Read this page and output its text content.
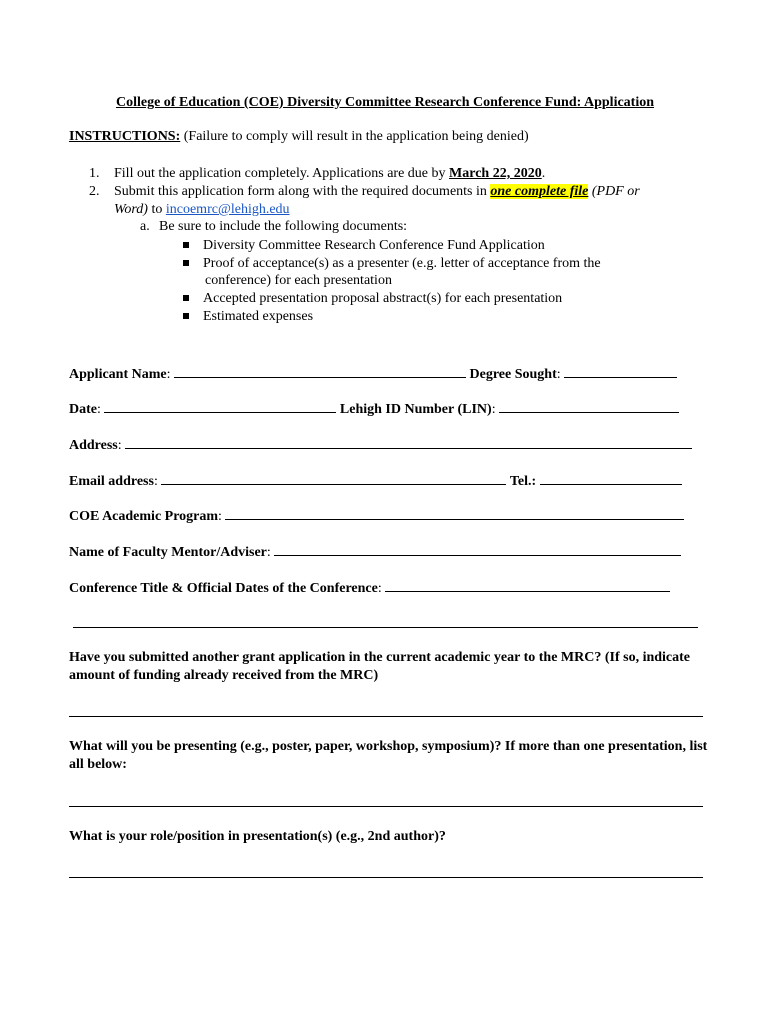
College of Education (COE) Diversity Committee Research Conference Fund: Application
INSTRUCTIONS: (Failure to comply will result in the application being denied)
1. Fill out the application completely. Applications are due by March 22, 2020.
2. Submit this application form along with the required documents in one complete file (PDF or
Word) to incoemrc@lehigh.edu
a. Be sure to include the following documents:
Diversity Committee Research Conference Fund Application
Proof of acceptance(s) as a presenter (e.g. letter of acceptance from the
conference) for each presentation
Accepted presentation proposal abstract(s) for each presentation
Estimated expenses
Applicant Name:	Degree Sought:
Date:	Lehigh ID Number (LIN):
Address:
Email address:	Tel.:
COE Academic Program:
Name of Faculty Mentor/Adviser:
Conference Title & Official Dates of the Conference:
Have you submitted another grant application in the current academic year to the MRC? (If so, indicate amount of funding already received from the MRC)
What will you be presenting (e.g., poster, paper, workshop, symposium)? If more than one presentation, list all below:
What is your role/position in presentation(s) (e.g., 2nd author)?
